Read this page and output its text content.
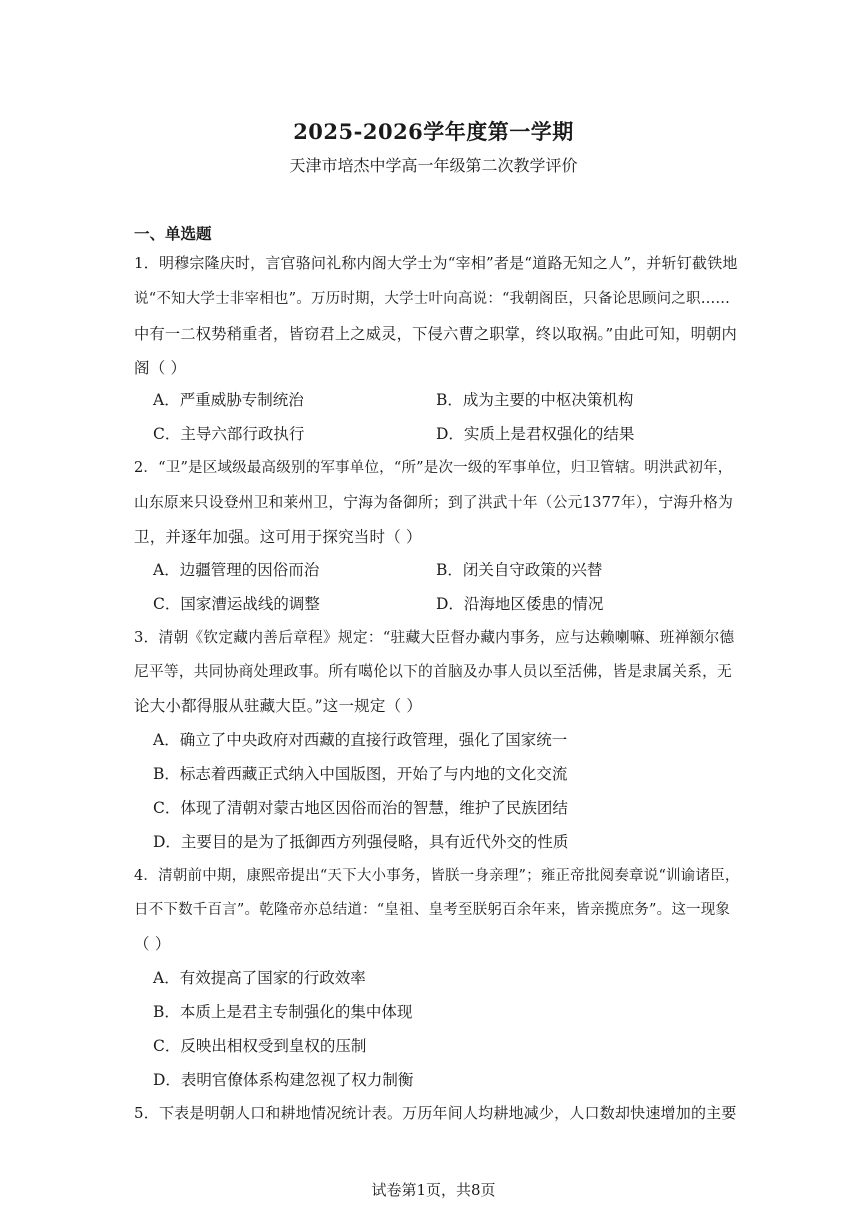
2025-2026学年度第一学期
天津市培杰中学高一年级第二次教学评价
一、单选题
1．明穆宗隆庆时，言官骆问礼称内阁大学士为“宰相”者是“道路无知之人”，并斩钉截铁地
说“不知大学士非宰相也”。万历时期，大学士叶向高说：“我朝阁臣，只备论思顾问之职……
中有一二权势稍重者，皆窃君上之威灵，下侵六曹之职掌，终以取祸。”由此可知，明朝内
阁（ ）
A．严重威胁专制统治	B．成为主要的中枢决策机构
C．主导六部行政执行	D．实质上是君权强化的结果
2．“卫”是区域级最高级别的军事单位，“所”是次一级的军事单位，归卫管辖。明洪武初年，
山东原来只设登州卫和莱州卫，宁海为备御所；到了洪武十年（公元1377年），宁海升格为
卫，并逐年加强。这可用于探究当时（ ）
A．边疆管理的因俗而治	B．闭关自守政策的兴替
C．国家漕运战线的调整	D．沿海地区倭患的情况
3．清朝《钦定藏内善后章程》规定：“驻藏大臣督办藏内事务，应与达赖喇嘛、班禅额尔德
尼平等，共同协商处理政事。所有噶伦以下的首脑及办事人员以至活佛，皆是隶属关系，无
论大小都得服从驻藏大臣。”这一规定（ ）
A．确立了中央政府对西藏的直接行政管理，强化了国家统一
B．标志着西藏正式纳入中国版图，开始了与内地的文化交流
C．体现了清朝对蒙古地区因俗而治的智慧，维护了民族团结
D．主要目的是为了抵御西方列强侵略，具有近代外交的性质
4．清朝前中期，康熙帝提出“天下大小事务，皆朕一身亲理”；雍正帝批阅奏章说“训谕诸臣，
日不下数千百言”。乾隆帝亦总结道：“皇祖、皇考至朕躬百余年来，皆亲揽庶务”。这一现象
（ ）
A．有效提高了国家的行政效率
B．本质上是君主专制强化的集中体现
C．反映出相权受到皇权的压制
D．表明官僚体系构建忽视了权力制衡
5．下表是明朝人口和耕地情况统计表。万历年间人均耕地减少，人口数却快速增加的主要
试卷第1页，共8页
